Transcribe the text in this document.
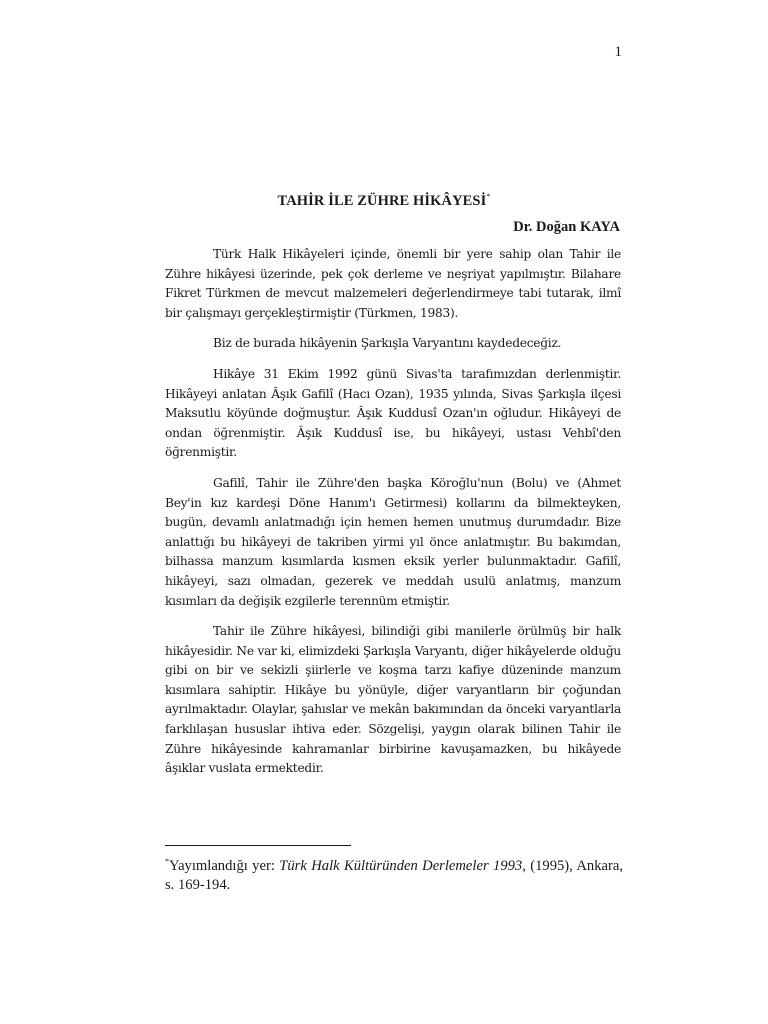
1
TAHİR İLE ZÜHRE HİKÂYESİ*
Dr. Doğan KAYA

Türk Halk Hikâyeleri içinde, önemli bir yere sahip olan Tahir ile Zühre hikâyesi üzerinde, pek çok derleme ve neşriyat yapılmıştır. Bilahare Fikret Türkmen de mevcut malzemeleri değerlendirmeye tabi tutarak, ilmî bir çalışmayı gerçekleştirmiştir (Türkmen, 1983).

Biz de burada hikâyenin Şarkışla Varyantını kaydedeceğiz.

Hikâye 31 Ekim 1992 günü Sivas'ta tarafımızdan derlenmiştir. Hikâyeyi anlatan Âşık Gafilî (Hacı Ozan), 1935 yılında, Sivas Şarkışla ilçesi Maksutlu köyünde doğmuştur. Âşık Kuddusî Ozan'ın oğludur. Hikâyeyi de ondan öğrenmiştir. Âşık Kuddusî ise, bu hikâyeyi, ustası Vehbî'den öğrenmiştir.

Gafilî, Tahir ile Zühre'den başka Köroğlu'nun (Bolu) ve (Ahmet Bey'in kız kardeşi Döne Hanım'ı Getirmesi) kollarını da bilmekteyken, bugün, devamlı anlatmadığı için hemen hemen unutmuş durumdadır. Bize anlattığı bu hikâyeyi de takriben yirmi yıl önce anlatmıştır. Bu bakımdan, bilhassa manzum kısımlarda kısmen eksik yerler bulunmaktadır. Gafilî, hikâyeyi, sazı olmadan, gezerek ve meddah usulü anlatmış, manzum kısımları da değişik ezgilerle terennüm etmiştir.

Tahir ile Zühre hikâyesi, bilindiği gibi manilerle örülmüş bir halk hikâyesidir. Ne var ki, elimizdeki Şarkışla Varyantı, diğer hikâyelerde olduğu gibi on bir ve sekizli şiirlerle ve koşma tarzı kafiye düzeninde manzum kısımlara sahiptir. Hikâye bu yönüyle, diğer varyantların bir çoğundan ayrılmaktadır. Olaylar, şahıslar ve mekân bakımından da önceki varyantlarla farklılaşan hususlar ihtiva eder. Sözgelişi, yaygın olarak bilinen Tahir ile Zühre hikâyesinde kahramanlar birbirine kavuşamazken, bu hikâyede âşıklar vuslata ermektedir.

*Yayımlandığı yer: Türk Halk Kültüründen Derlemeler 1993, (1995), Ankara, s. 169-194.
